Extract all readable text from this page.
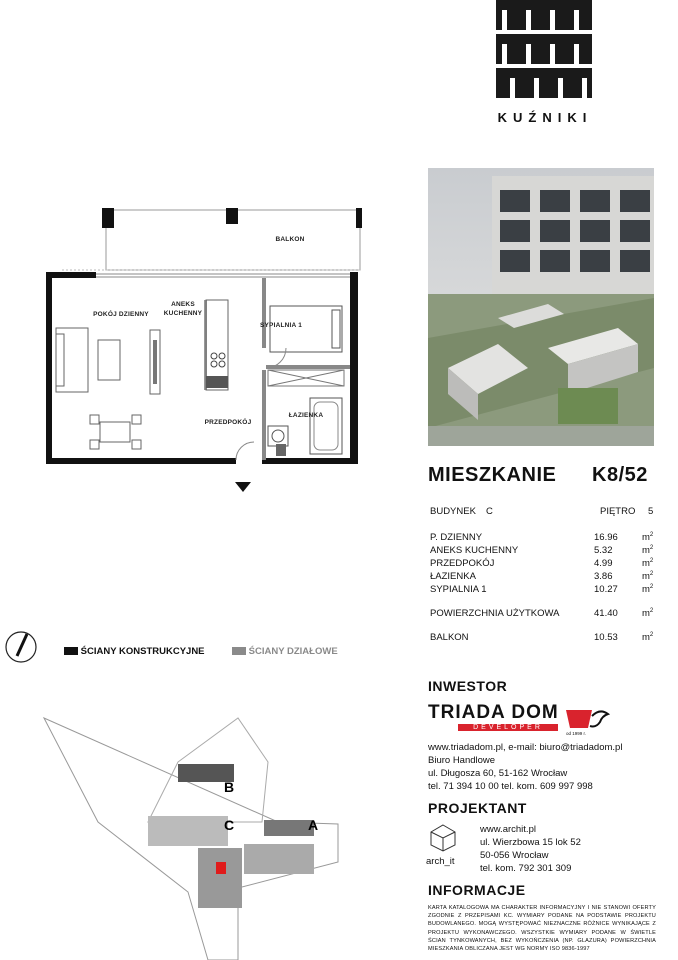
KUŹNIKI
BALKON
POKÓJ DZIENNY
ANEKS
KUCHENNY
SYPIALNIA 1
ŁAZIENKA
PRZEDPOKÓJ
MIESZKANIE K8/52
BUDYNEK C	PIĘTRO 5
P. DZIENNY	16.96	$m^2$
ANEKS KUCHENNY	5.32	$m^2$
PRZEDPOKÓJ	4.99	$m^2$
ŁAZIENKA	3.86	$m^2$
SYPIALNIA 1	10.27	$m^2$
POWIERZCHNIA UŻYTKOWA	41.40	$m^2$
BALKON	10.53	$m^2$
ŚCIANY KONSTRUKCYJNE	ŚCIANY DZIAŁOWE
B
C	A
INWESTOR
TRIADA DOM
DEVELOPER
od 1999 r.
www.triadadom.pl, e-mail: biuro@triadadom.pl
Biuro Handlowe
ul. Długosza 60, 51-162 Wrocław
tel. 71 394 10 00 tel. kom. 609 997 998
PROJEKTANT
arch_it
www.archit.pl
ul. Wierzbowa 15 lok 52
50-056 Wrocław
tel. kom. 792 301 309
INFORMACJE
KARTA KATALOGOWA MA CHARAKTER INFORMACYJNY I NIE STANOWI OFERTY ZGODNIE Z PRZEPISAMI KC. WYMIARY PODANE NA PODSTAWIE PROJEKTU BUDOWLANEGO. MOGĄ WYSTĘPOWAĆ NIEZNACZNE RÓŻNICE WYNIKAJĄCE Z PROJEKTU WYKONAWCZEGO. WSZYSTKIE WYMIARY PODANE W ŚWIETLE ŚCIAN TYNKOWANYCH, BEZ WYKOŃCZENIA (NP. GLAZURA) POWIERZCHNIA MIESZKANIA OBLICZANA JEST WG NORMY ISO 9836-1997
